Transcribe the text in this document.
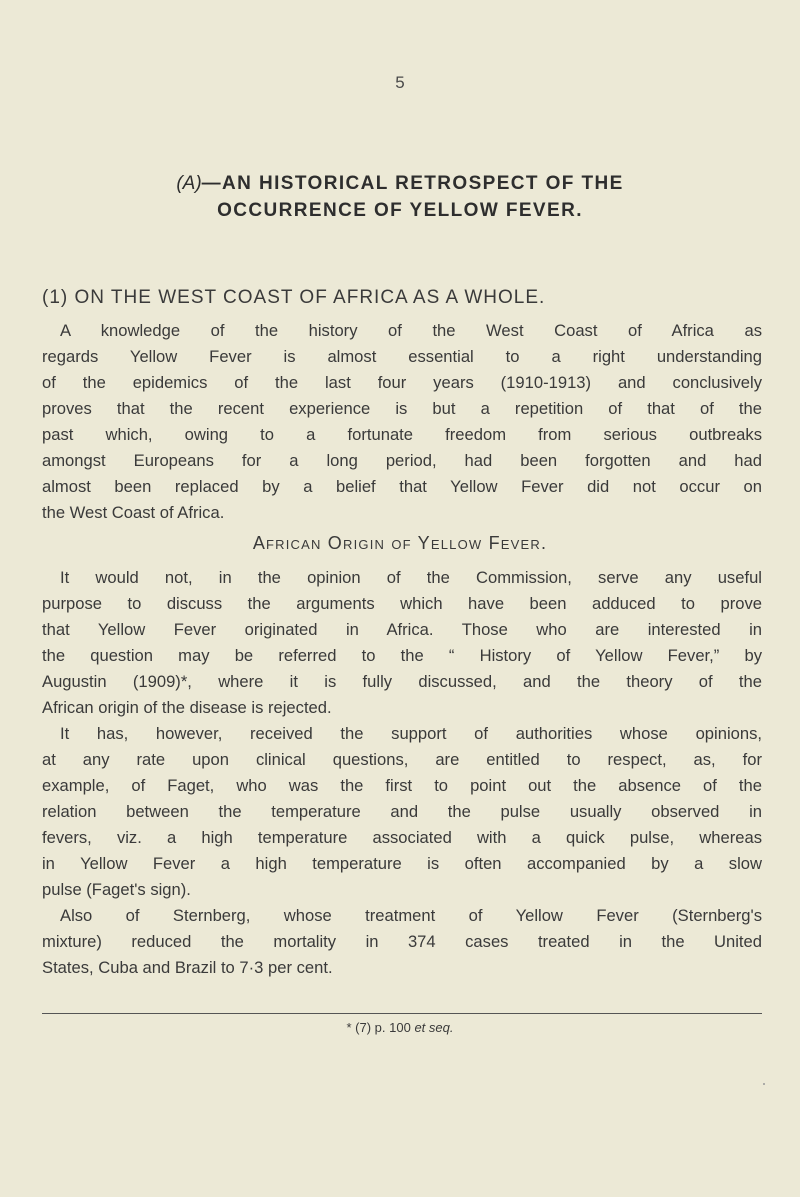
5
(A)—AN HISTORICAL RETROSPECT OF THE
OCCURRENCE OF YELLOW FEVER.
(1) ON THE WEST COAST OF AFRICA AS A WHOLE.
A knowledge of the history of the West Coast of Africa as
regards Yellow Fever is almost essential to a right understanding
of the epidemics of the last four years (1910-1913) and conclusively
proves that the recent experience is but a repetition of that of the
past which, owing to a fortunate freedom from serious outbreaks
amongst Europeans for a long period, had been forgotten and had
almost been replaced by a belief that Yellow Fever did not occur on
the West Coast of Africa.
African Origin of Yellow Fever.
It would not, in the opinion of the Commission, serve any useful
purpose to discuss the arguments which have been adduced to prove
that Yellow Fever originated in Africa. Those who are interested in
the question may be referred to the “ History of Yellow Fever,” by
Augustin (1909)*, where it is fully discussed, and the theory of the
African origin of the disease is rejected.
It has, however, received the support of authorities whose opinions,
at any rate upon clinical questions, are entitled to respect, as, for
example, of Faget, who was the first to point out the absence of the
relation between the temperature and the pulse usually observed in
fevers, viz. a high temperature associated with a quick pulse, whereas
in Yellow Fever a high temperature is often accompanied by a slow
pulse (Faget's sign).
Also of Sternberg, whose treatment of Yellow Fever (Sternberg's
mixture) reduced the mortality in 374 cases treated in the United
States, Cuba and Brazil to 7·3 per cent.
* (7) p. 100 et seq.
